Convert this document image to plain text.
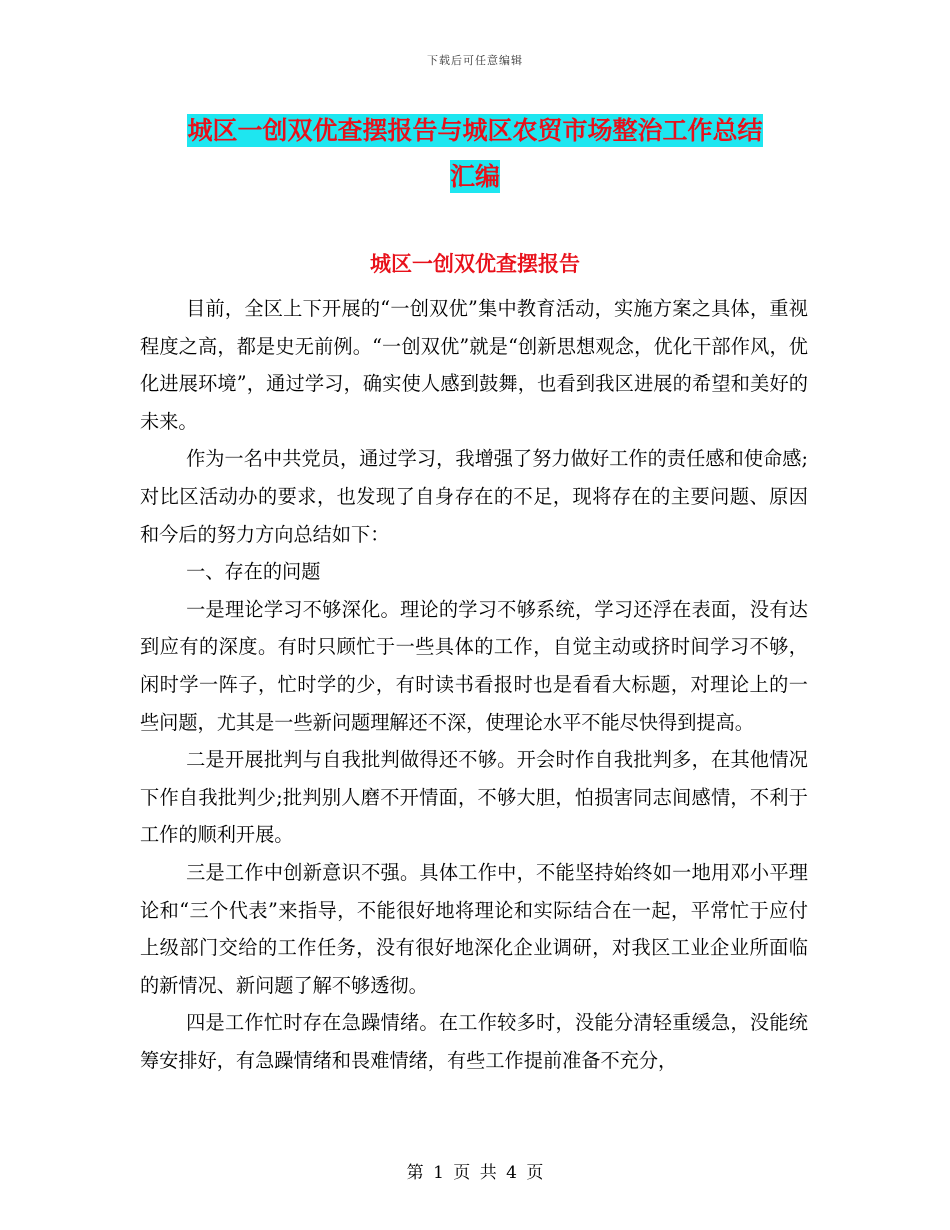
下载后可任意编辑
城区一创双优查摆报告与城区农贸市场整治工作总结
汇编
城区一创双优查摆报告

目前，全区上下开展的“一创双优”集中教育活动，实施方案之具体，重视程度之高，都是史无前例。“一创双优”就是“创新思想观念，优化干部作风，优化进展环境”，通过学习，确实使人感到鼓舞，也看到我区进展的希望和美好的未来。

作为一名中共党员，通过学习，我增强了努力做好工作的责任感和使命感;对比区活动办的要求，也发现了自身存在的不足，现将存在的主要问题、原因和今后的努力方向总结如下：

一、存在的问题

一是理论学习不够深化。理论的学习不够系统，学习还浮在表面，没有达到应有的深度。有时只顾忙于一些具体的工作，自觉主动或挤时间学习不够，闲时学一阵子，忙时学的少，有时读书看报时也是看看大标题，对理论上的一些问题，尤其是一些新问题理解还不深，使理论水平不能尽快得到提高。

二是开展批判与自我批判做得还不够。开会时作自我批判多，在其他情况下作自我批判少;批判别人磨不开情面，不够大胆，怕损害同志间感情，不利于工作的顺利开展。

三是工作中创新意识不强。具体工作中，不能坚持始终如一地用邓小平理论和“三个代表”来指导，不能很好地将理论和实际结合在一起，平常忙于应付上级部门交给的工作任务，没有很好地深化企业调研，对我区工业企业所面临的新情况、新问题了解不够透彻。

四是工作忙时存在急躁情绪。在工作较多时，没能分清轻重缓急，没能统筹安排好，有急躁情绪和畏难情绪，有些工作提前准备不充分，

第 1 页 共 4 页
